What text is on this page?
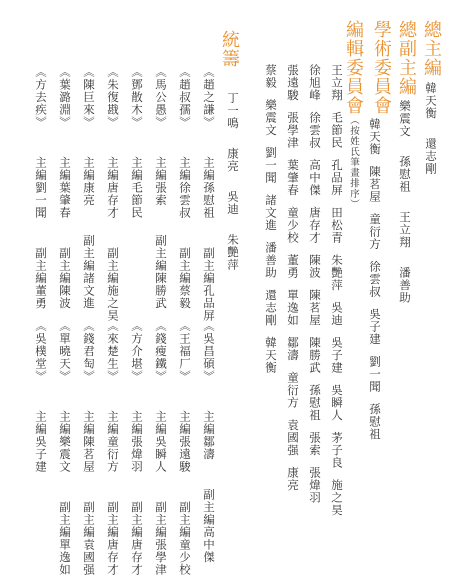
總主編
韓天衡還志剛
總副主編
樂震文孫慰祖王立翔潘善助
學術委員會
韓天衡陳茗屋童衍方徐雲叔吳子建劉一聞孫慰祖
編輯委員會（按姓氏筆畫排序）
王立翔毛節民孔品屏田松青朱艷萍吳迪吳子建吳瞬人茅子良施之昊
徐旭峰徐雲叔高中傑唐存才陳波陳茗屋陳勝武孫慰祖張索張煒羽
張遠駿張學津葉肇春童少校董勇單逸如鄒濤童衍方袁國强康亮
蔡毅樂震文劉一聞諸文進潘善助還志剛韓天衡
統籌
丁一鳴康亮吳迪朱艷萍
《趙之謙》主編孫慰祖副主編孔品屏
《趙叔孺》主編徐雲叔副主編蔡毅
《馬公愚》主編張索副主編陳勝武
《鄧散木》主編毛節民
《朱復戡》主編唐存才副主編施之昊
《陳巨來》主編康亮副主編諸文進
《葉潞淵》主編葉肇春副主編陳波
《方去疾》主編劉一聞副主編董勇
《吳昌碩》主編鄒濤副主編高中傑
《王福厂》主編張遠駿副主編童少校
《錢瘦鐵》主編吳瞬人副主編張學津
《方介堪》主編張煒羽副主編唐存才
《來楚生》主編童衍方副主編唐存才
《錢君匋》主編陳茗屋副主編袁國强
《單曉天》主編樂震文副主編單逸如
《吳樸堂》主編吳子建
